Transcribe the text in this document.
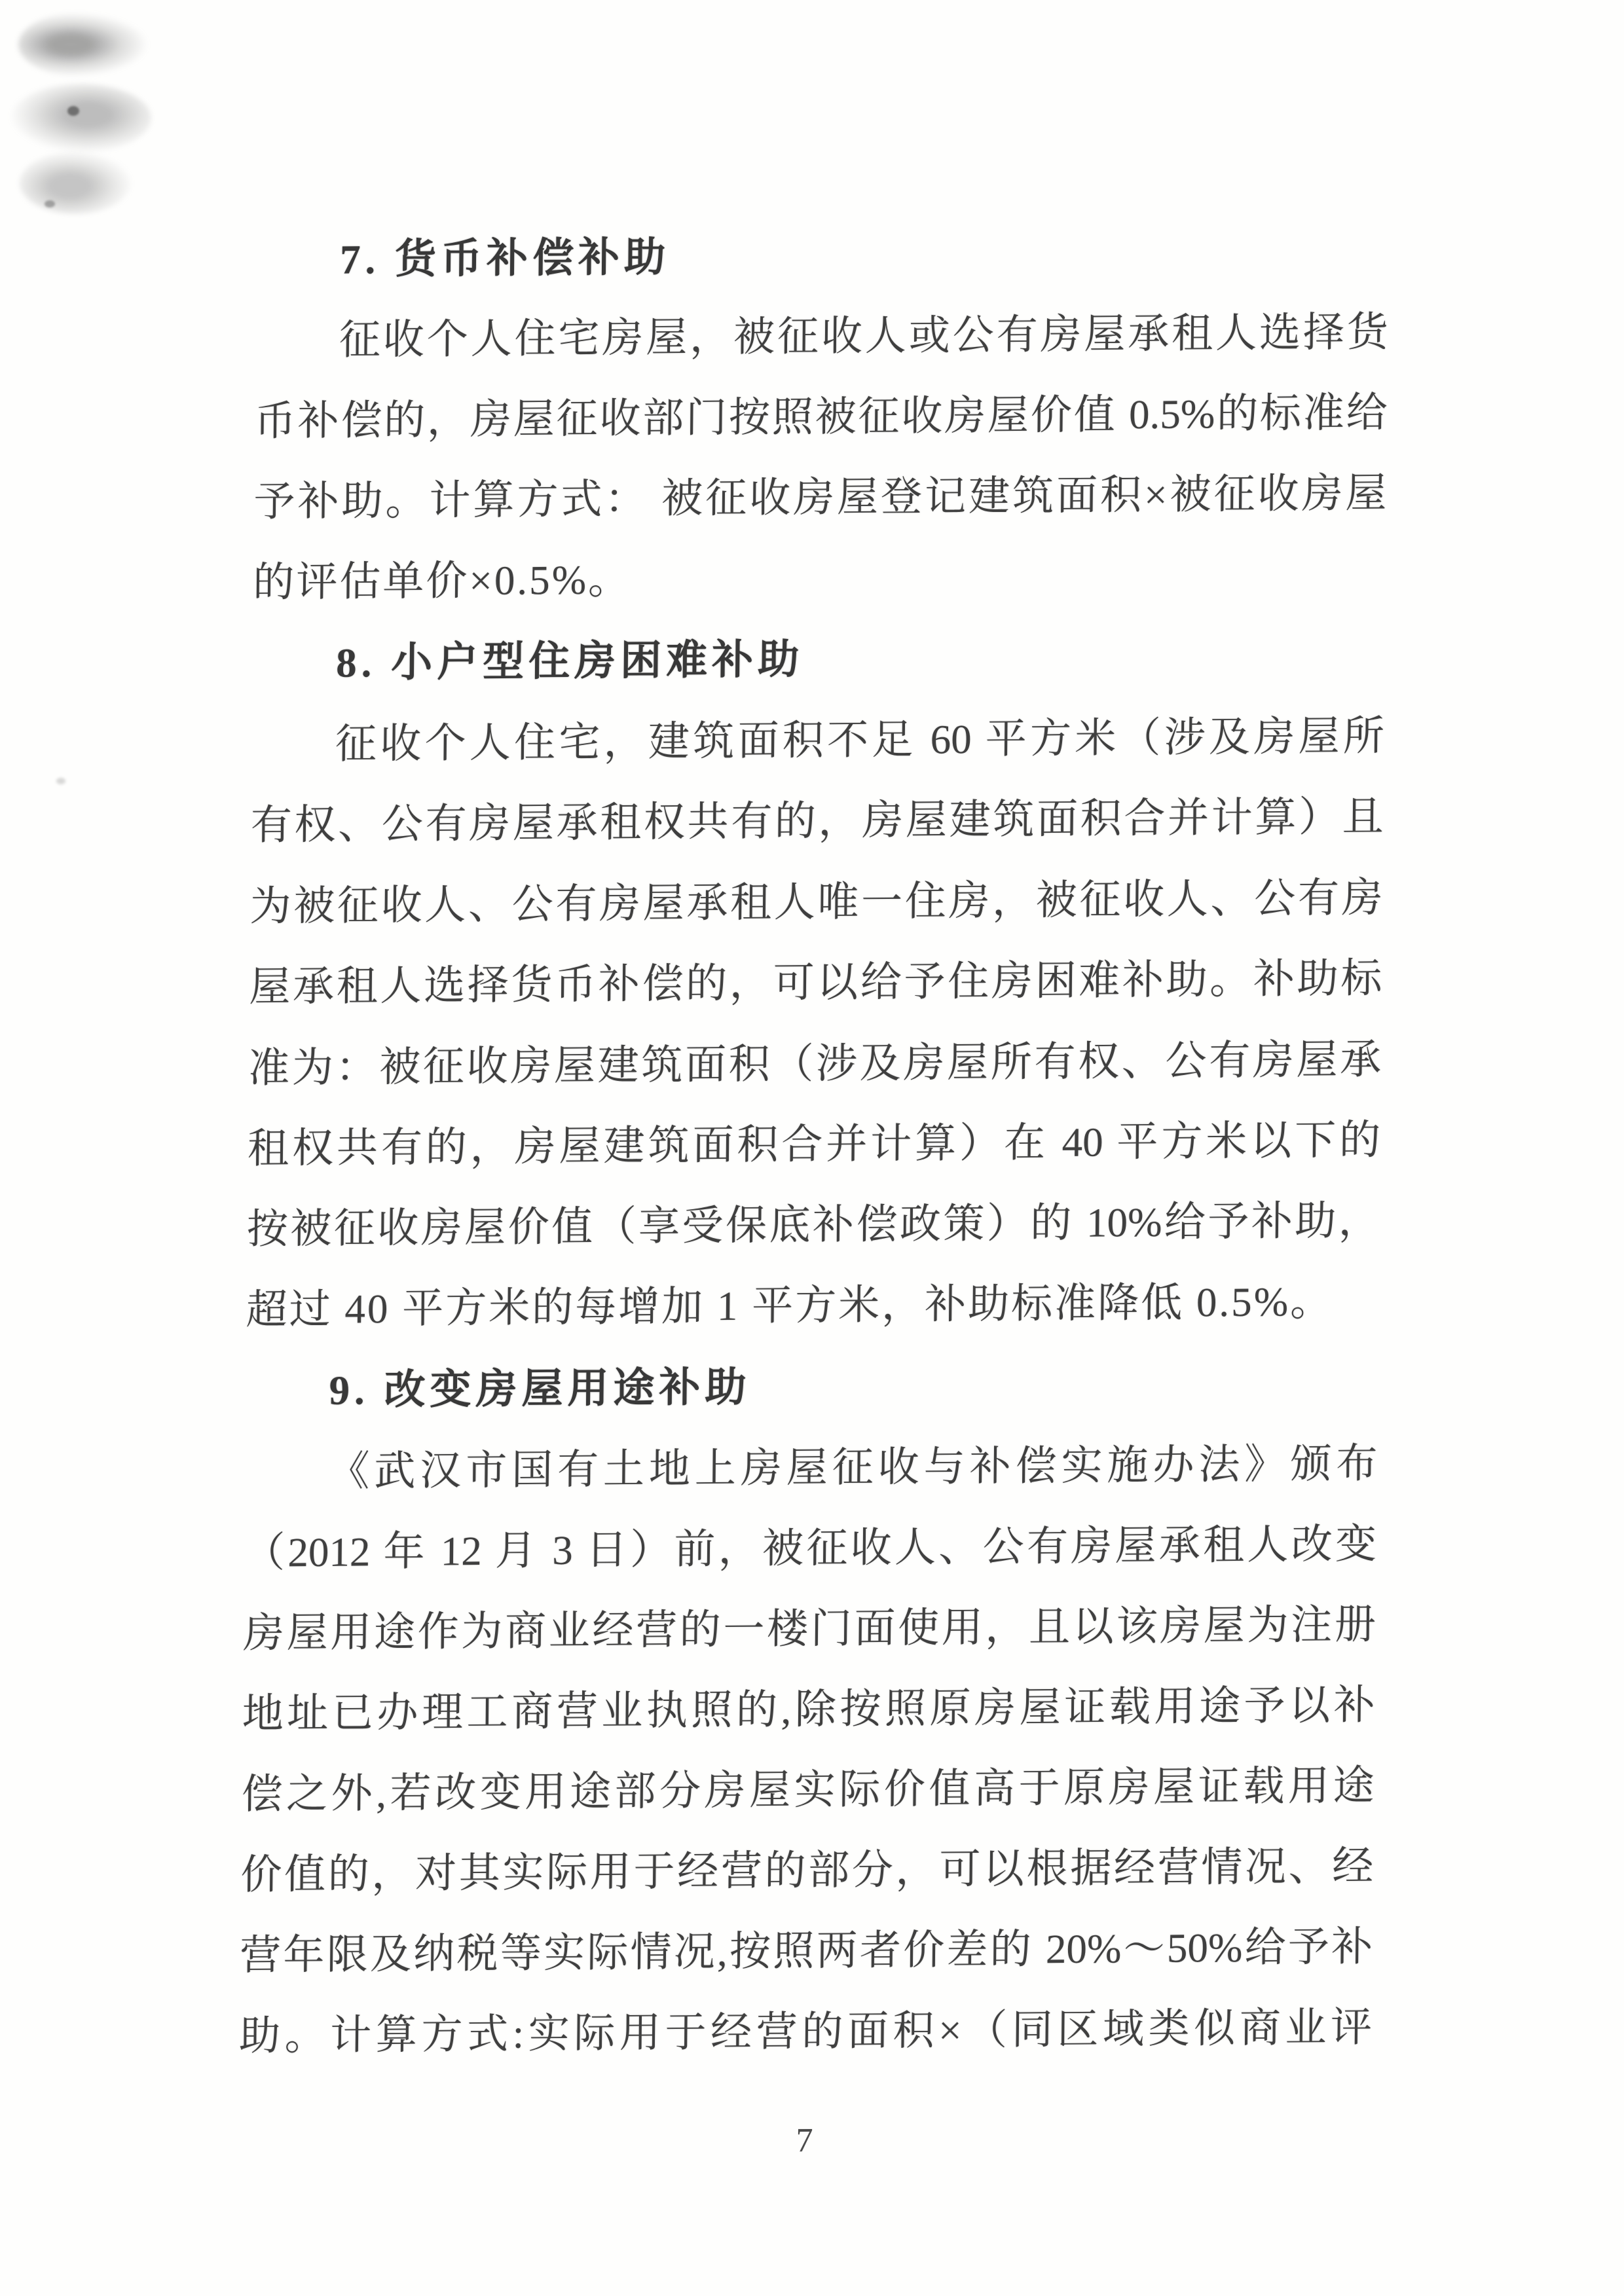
7. 货币补偿补助
征收个人住宅房屋，被征收人或公有房屋承租人选择货
币补偿的，房屋征收部门按照被征收房屋价值 0.5%的标准给
予补助。计算方式： 被征收房屋登记建筑面积×被征收房屋
的评估单价×0.5%。
8. 小户型住房困难补助
征收个人住宅，建筑面积不足 60 平方米（涉及房屋所
有权、公有房屋承租权共有的，房屋建筑面积合并计算）且
为被征收人、公有房屋承租人唯一住房，被征收人、公有房
屋承租人选择货币补偿的，可以给予住房困难补助。补助标
准为：被征收房屋建筑面积（涉及房屋所有权、公有房屋承
租权共有的，房屋建筑面积合并计算）在 40 平方米以下的
按被征收房屋价值（享受保底补偿政策）的 10%给予补助，
超过 40 平方米的每增加 1 平方米，补助标准降低 0.5%。
9. 改变房屋用途补助
《武汉市国有土地上房屋征收与补偿实施办法》颁布
（2012 年 12 月 3 日）前，被征收人、公有房屋承租人改变
房屋用途作为商业经营的一楼门面使用，且以该房屋为注册
地址已办理工商营业执照的,除按照原房屋证载用途予以补
偿之外,若改变用途部分房屋实际价值高于原房屋证载用途
价值的，对其实际用于经营的部分，可以根据经营情况、经
营年限及纳税等实际情况,按照两者价差的 20%～50%给予补
助。计算方式:实际用于经营的面积×（同区域类似商业评
7
